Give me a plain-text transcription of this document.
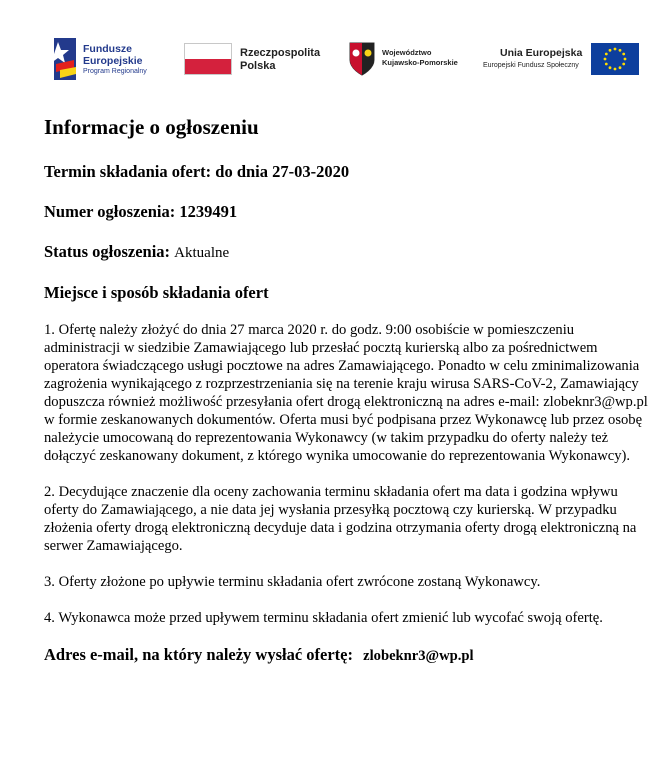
Fundusze
Europejskie
Program Regionalny
Rzeczpospolita
Polska
Województwo
Kujawsko-Pomorskie
Unia Europejska
Europejski Fundusz Społeczny
Informacje o ogłoszeniu
Termin składania ofert: do dnia 27-03-2020
Numer ogłoszenia: 1239491
Status ogłoszenia: Aktualne
Miejsce i sposób składania ofert

1. Ofertę należy złożyć do dnia 27 marca 2020 r. do godz. 9:00 osobiście w pomieszczeniu administracji w siedzibie Zamawiającego lub przesłać pocztą kurierską albo za pośrednictwem operatora świadczącego usługi pocztowe na adres Zamawiającego. Ponadto w celu zminimalizowania zagrożenia wynikającego z rozprzestrzeniania się na terenie kraju wirusa SARS-CoV-2, Zamawiający dopuszcza również możliwość przesyłania ofert drogą elektroniczną na adres e-mail: zlobeknr3@wp.pl w formie zeskanowanych dokumentów. Oferta musi być podpisana przez Wykonawcę lub przez osobę należycie umocowaną do reprezentowania Wykonawcy (w takim przypadku do oferty należy też dołączyć zeskanowany dokument, z którego wynika umocowanie do reprezentowania Wykonawcy).

2. Decydujące znaczenie dla oceny zachowania terminu składania ofert ma data i godzina wpływu oferty do Zamawiającego, a nie data jej wysłania przesyłką pocztową czy kurierską. W przypadku złożenia oferty drogą elektroniczną decyduje data i godzina otrzymania oferty drogą elektroniczną na serwer Zamawiającego.

3. Oferty złożone po upływie terminu składania ofert zwrócone zostaną Wykonawcy.

4. Wykonawca może przed upływem terminu składania ofert zmienić lub wycofać swoją ofertę.

Adres e-mail, na który należy wysłać ofertę: zlobeknr3@wp.pl
